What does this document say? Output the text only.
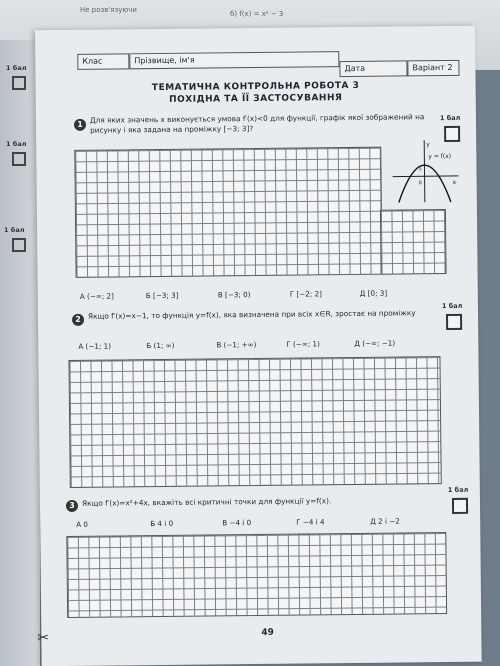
Не розв'язуючи	б) f(x) = x² − 3
1 бал
1 бал
1 бал
Клас	Прізвище, ім'я
Дата	Варіант 2
ТЕМАТИЧНА КОНТРОЛЬНА РОБОТА 3
ПОХІДНА ТА ЇЇ ЗАСТОСУВАННЯ
1 Для яких значень x виконується умова f′(x)<0 для функції, графік якої зображений на рисунку і яка задана на проміжку [−3; 3]?
1 бал
y
x
y = f(x)
1
0
А (−∞; 2]	Б [−3; 3]	В [−3; 0)	Г [−2; 2]	Д [0; 3]
2 Якщо f′(x)=x−1, то функція y=f(x), яка визначена при всіх x∈R, зростає на проміжку
1 бал
А (−1; 1)	Б (1; ∞)	В (−1; +∞)	Г (−∞; 1)	Д (−∞; −1)
3 Якщо f′(x)=x²+4x, вкажіть всі критичні точки для функції y=f(x).
1 бал
А 0	Б 4 і 0	В −4 і 0	Г −4 і 4	Д 2 і −2
49
✂
